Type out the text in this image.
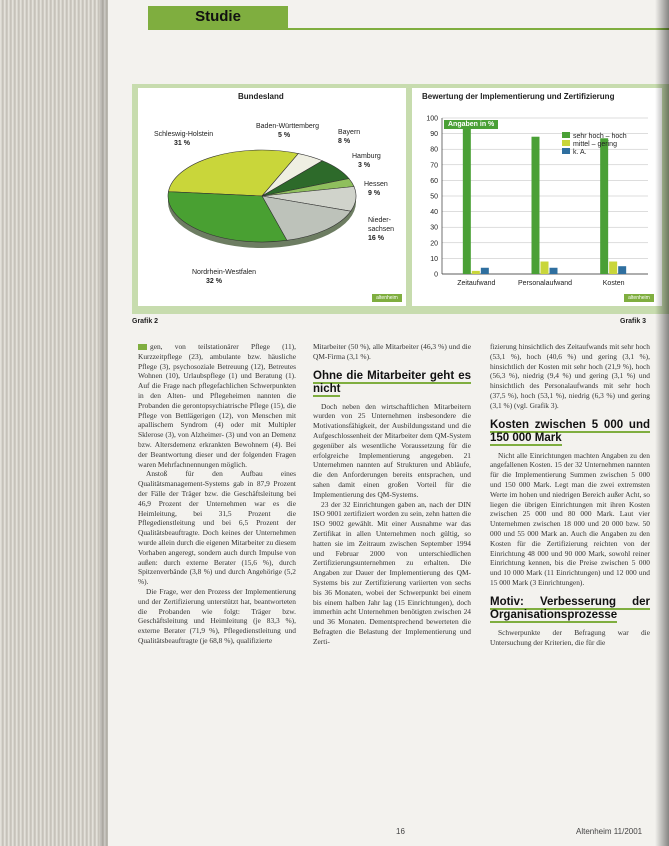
Studie
Bundesland
Schleswig-Holstein
31 %
Baden-Württemberg
5 %	Bayern
8 %
Hamburg
3 %
Hessen
9 %
Nieder-
sachsen
16 %
Nordrhein-Westfalen
32 %
altenheim
Bewertung der Implementierung und Zertifizierung
0
10
20
30
40
50
60
70
80
90
100
Zeitaufwand	Personalaufwand	Kosten
Angaben in %
sehr hoch – hoch
mittel – gering
k. A.
altenheim
Grafik 2	Grafik 3

gen, von teilstationärer Pflege (11), Kurzzeitpflege (23), ambulante bzw. häusliche Pflege (3), psychosoziale Betreuung (12), Betreutes Wohnen (10), Urlaubspflege (1) und Beratung (1). Auf die Frage nach pflegefachlichen Schwerpunkten in den Alten- und Pflegeheimen nannten die Probanden die gerontopsychiatrische Pflege (15), die Pflege von Bettlägerigen (12), von Menschen mit apallischem Syndrom (4) oder mit Multipler Sklerose (3), von Alzheimer- (3) und von an Demenz bzw. Altersdemenz erkrankten Bewohnern (4). Bei der Beantwortung dieser und der folgenden Fragen waren Mehrfachnennungen möglich.

Anstoß für den Aufbau eines Qualitätsmanagement-Systems gab in 87,9 Prozent der Fälle der Träger bzw. die Geschäftsleitung bei 46,9 Prozent der Unternehmen war es die Heimleitung, bei 31,5 Prozent die Pflegedienstleitung und bei 6,5 Prozent der Qualitätsbeauftragte. Doch keines der Unternehmen wurde allein durch die eigenen Mitarbeiter zu diesem Vorhaben angeregt, sondern auch durch Impulse von außen: durch externe Berater (15,6 %), durch Spitzenverbände (3,8 %) und durch Angehörige (5,2 %).

Die Frage, wer den Prozess der Implementierung und der Zertifizierung unterstützt hat, beantworteten die Probanden wie folgt: Träger bzw. Geschäftsleitung und Heimleitung (je 83,3 %), externe Berater (71,9 %), Pflegedienstleitung und Qualitätsbeauftragte (je 68,8 %), qualifizierte

Mitarbeiter (50 %), alle Mitarbeiter (46,3 %) und die QM-Firma (3,1 %).

Ohne die Mitarbeiter geht es nicht

Doch neben den wirtschaftlichen Mitarbeitern wurden von 25 Unternehmen insbesondere die Motivationsfähigkeit, der Ausbildungsstand und die Aufgeschlossenheit der Mitarbeiter dem QM-System gegenüber als wesentliche Voraussetzung für die erfolgreiche Implementierung angegeben. 21 Unternehmen nannten auf Strukturen und Abläufe, die den Anforderungen bereits entsprachen, und sahen damit einen großen Vorteil für die Implementierung des QM-Systems.

23 der 32 Einrichtungen gaben an, nach der DIN ISO 9001 zertifiziert worden zu sein, zehn hatten die ISO 9002 gewählt. Mit einer Ausnahme war das Zertifikat in allen Unternehmen noch gültig, so hatten sie im Zeitraum zwischen September 1994 und Februar 2000 von unterschiedlichen Zertifizierungsunternehmen zu erhalten. Die Angaben zur Dauer der Implementierung des QM-Systems bis zur Zertifizierung variierten von sechs bis 36 Monaten, wobei der Schwerpunkt bei einem bis einem halben Jahr lag (15 Einrichtungen), doch immerhin acht Unternehmen benötigten zwischen 24 und 36 Monaten. Dementsprechend bewerteten die Befragten die Belastung der Implementierung und Zerti-

fizierung hinsichtlich des Zeitaufwands mit sehr hoch (53,1 %), hoch (40,6 %) und gering (3,1 %), hinsichtlich der Kosten mit sehr hoch (21,9 %), hoch (56,3 %), niedrig (9,4 %) und gering (3,1 %) und hinsichtlich des Personalaufwands mit sehr hoch (37,5 %), hoch (53,1 %), niedrig (6,3 %) und gering (3,1 %) (vgl. Grafik 3).

Kosten zwischen 5 000 und 150 000 Mark

Nicht alle Einrichtungen machten Angaben zu den angefallenen Kosten. 15 der 32 Unternehmen nannten für die Implementierung Summen zwischen 5 000 und 150 000 Mark. Legt man die zwei extremsten Werte im hohen und niedrigen Bereich außer Acht, so liegen die übrigen Einrichtungen mit ihren Kosten zwischen 25 000 und 80 000 Mark. Laut vier Unternehmen zwischen 18 000 und 20 000 bzw. 50 000 und 55 000 Mark an. Auch die Angaben zu den Kosten für die Zertifizierung reichten von der Einrichtung 48 000 und 90 000 Mark, sowohl reiner Einrichtung kennen, bis die Preise zwischen 5 000 und 10 000 Mark (11 Einrichtungen) und 12 000 und 15 000 Mark (3 Einrichtungen).

Motiv: Verbesserung der Organisationsprozesse

Schwerpunkte der Befragung war die Untersuchung der Kriterien, die für die

16	Altenheim 11/2001
